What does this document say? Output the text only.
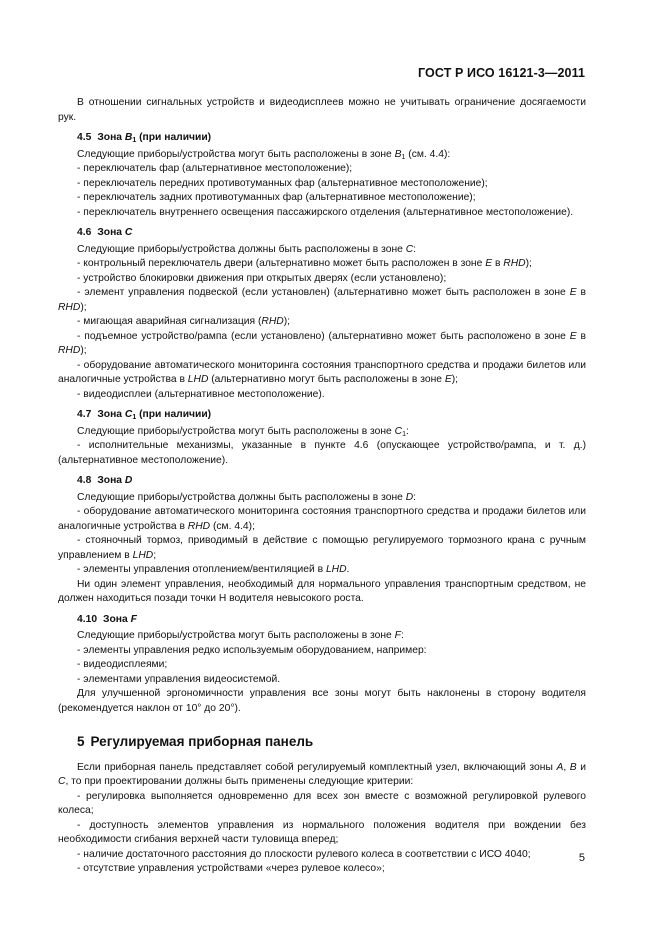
ГОСТ Р ИСО 16121-3—2011

В отношении сигнальных устройств и видеодисплеев можно не учитывать ограничение досягаемости рук.

4.5 Зона $B_1$ (при наличии)

Следующие приборы/устройства могут быть расположены в зоне $B_1$ (см. 4.4):

- переключатель фар (альтернативное местоположение);

- переключатель передних противотуманных фар (альтернативное местоположение);

- переключатель задних противотуманных фар (альтернативное местоположение);

- переключатель внутреннего освещения пассажирского отделения (альтернативное местоположение).

4.6 Зона C

Следующие приборы/устройства должны быть расположены в зоне C:

- контрольный переключатель двери (альтернативно может быть расположен в зоне E в RHD);

- устройство блокировки движения при открытых дверях (если установлено);

- элемент управления подвеской (если установлен) (альтернативно может быть расположен в зоне E в RHD);

- мигающая аварийная сигнализация (RHD);

- подъемное устройство/рампа (если установлено) (альтернативно может быть расположено в зоне E в RHD);

- оборудование автоматического мониторинга состояния транспортного средства и продажи билетов или аналогичные устройства в LHD (альтернативно могут быть расположены в зоне E);

- видеодисплеи (альтернативное местоположение).

4.7 Зона $C_1$ (при наличии)

Следующие приборы/устройства могут быть расположены в зоне $C_1$:

- исполнительные механизмы, указанные в пункте 4.6 (опускающее устройство/рампа, и т. д.) (альтернативное местоположение).

4.8 Зона D

Следующие приборы/устройства должны быть расположены в зоне D:

- оборудование автоматического мониторинга состояния транспортного средства и продажи билетов или аналогичные устройства в RHD (см. 4.4);

- стояночный тормоз, приводимый в действие с помощью регулируемого тормозного крана с ручным управлением в LHD;

- элементы управления отоплением/вентиляцией в LHD.

Ни один элемент управления, необходимый для нормального управления транспортным средством, не должен находиться позади точки Н водителя невысокого роста.

4.10 Зона F

Следующие приборы/устройства могут быть расположены в зоне F:

- элементы управления редко используемым оборудованием, например:

- видеодисплеями;

- элементами управления видеосистемой.

Для улучшенной эргономичности управления все зоны могут быть наклонены в сторону водителя (рекомендуется наклон от 10° до 20°).

5 Регулируемая приборная панель

Если приборная панель представляет собой регулируемый комплектный узел, включающий зоны A, B и C, то при проектировании должны быть применены следующие критерии:

- регулировка выполняется одновременно для всех зон вместе с возможной регулировкой рулевого колеса;

- доступность элементов управления из нормального положения водителя при вождении без необходимости сгибания верхней части туловища вперед;

- наличие достаточного расстояния до плоскости рулевого колеса в соответствии с ИСО 4040;

- отсутствие управления устройствами «через рулевое колесо»;

5
